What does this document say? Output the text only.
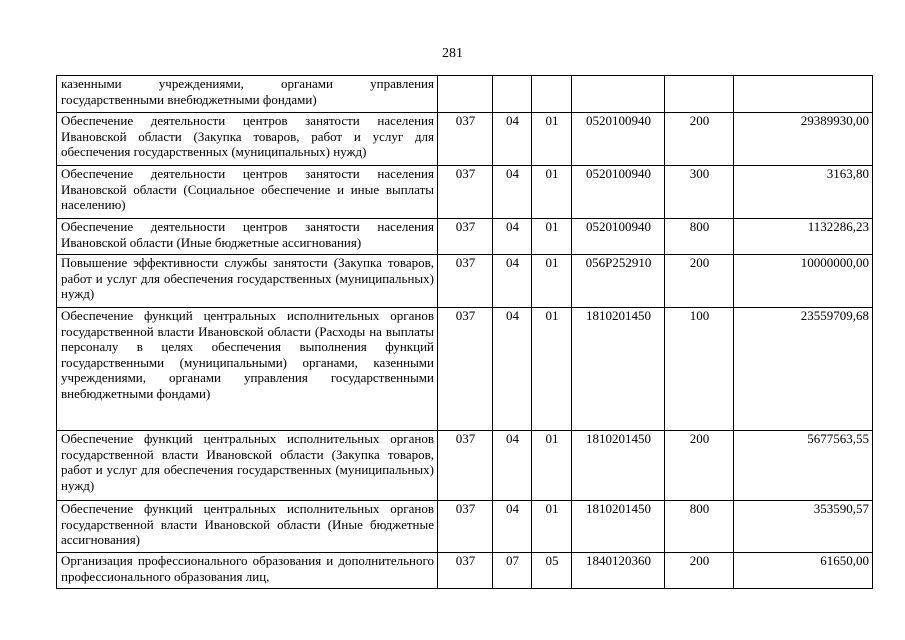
281
казенными учреждениями, органами управления государственными внебюджетными фондами)						
Обеспечение деятельности центров занятости населения Ивановской области (Закупка товаров, работ и услуг для обеспечения государственных (муниципальных) нужд)	037	04	01	0520100940	200	29389930,00
Обеспечение деятельности центров занятости населения Ивановской области (Социальное обеспечение и иные выплаты населению)	037	04	01	0520100940	300	3163,80
Обеспечение деятельности центров занятости населения Ивановской области (Иные бюджетные ассигнования)	037	04	01	0520100940	800	1132286,23
Повышение эффективности службы занятости (Закупка товаров, работ и услуг для обеспечения государственных (муниципальных) нужд)	037	04	01	056P252910	200	10000000,00
Обеспечение функций центральных исполнительных органов государственной власти Ивановской области (Расходы на выплаты персоналу в целях обеспечения выполнения функций государственными (муниципальными) органами, казенными учреждениями, органами управления государственными внебюджетными фондами)	037	04	01	1810201450	100	23559709,68
Обеспечение функций центральных исполнительных органов государственной власти Ивановской области (Закупка товаров, работ и услуг для обеспечения государственных (муниципальных) нужд)	037	04	01	1810201450	200	5677563,55
Обеспечение функций центральных исполнительных органов государственной власти Ивановской области (Иные бюджетные ассигнования)	037	04	01	1810201450	800	353590,57
Организация профессионального образования и дополнительного профессионального образования лиц,	037	07	05	1840120360	200	61650,00
